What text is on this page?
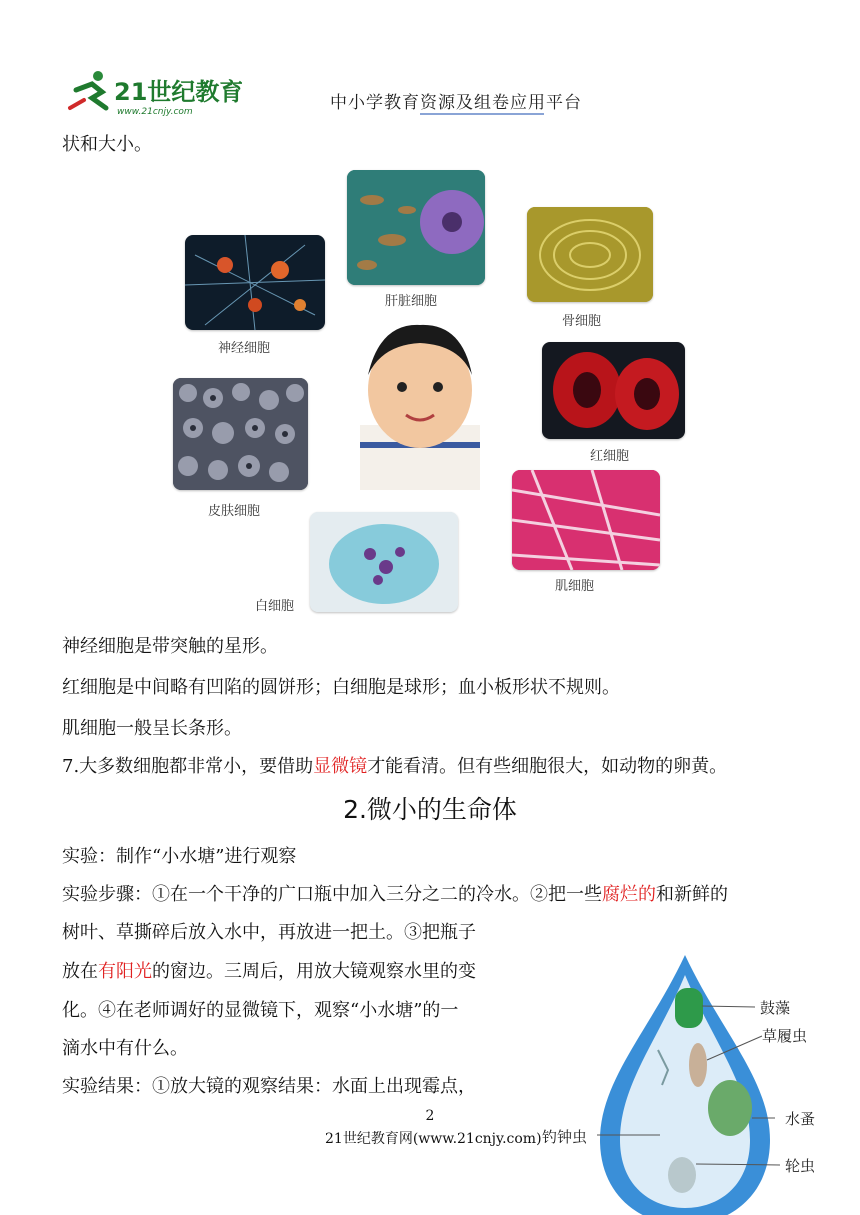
21世纪教育
www.21cnjy.com	中小学教育资源及组卷应用平台
状和大小。
神经细胞
肝脏细胞
骨细胞
红细胞
皮肤细胞
白细胞
肌细胞
神经细胞是带突触的星形。
红细胞是中间略有凹陷的圆饼形；白细胞是球形；血小板形状不规则。
肌细胞一般呈长条形。
7.大多数细胞都非常小，要借助显微镜才能看清。但有些细胞很大，如动物的卵黄。
2.微小的生命体
实验：制作“小水塘”进行观察
实验步骤：①在一个干净的广口瓶中加入三分之二的冷水。②把一些腐烂的和新鲜的
树叶、草撕碎后放入水中，再放进一把土。③把瓶子
放在有阳光的窗边。三周后，用放大镜观察水里的变
化。④在老师调好的显微镜下，观察“小水塘”的一
滴水中有什么。
实验结果：①放大镜的观察结果：水面上出现霉点，
鼓藻
草履虫
水蚤
钓钟虫
轮虫
2
21世纪教育网(www.21cnjy.com)
